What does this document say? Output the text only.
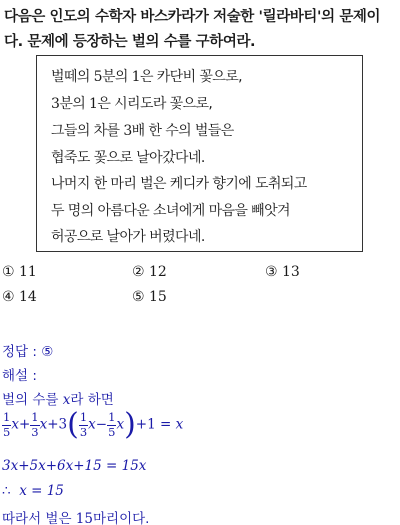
다음은 인도의 수학자 바스카라가 저술한 '릴라바티'의 문제이
다. 문제에 등장하는 벌의 수를 구하여라.
벌떼의 5분의 1은 카단비 꽃으로,
3분의 1은 시리도라 꽃으로,
그들의 차를 3배 한 수의 벌들은
협죽도 꽃으로 날아갔다네.
나머지 한 마리 벌은 케디카 향기에 도취되고
두 명의 아름다운 소녀에게 마음을 빼앗겨
허공으로 날아가 버렸다네.
① 11	② 12	③ 13
④ 14	⑤ 15
정답 : ⑤
해설 :
벌의 수를 x라 하면
$\frac{1}{5} x+ \frac{1}{3} x+3( \frac{1}{3} x- \frac{1}{5} x)+1 = x$
3x+5x+6x+15 = 15x
∴ x = 15
따라서 벌은 15마리이다.
